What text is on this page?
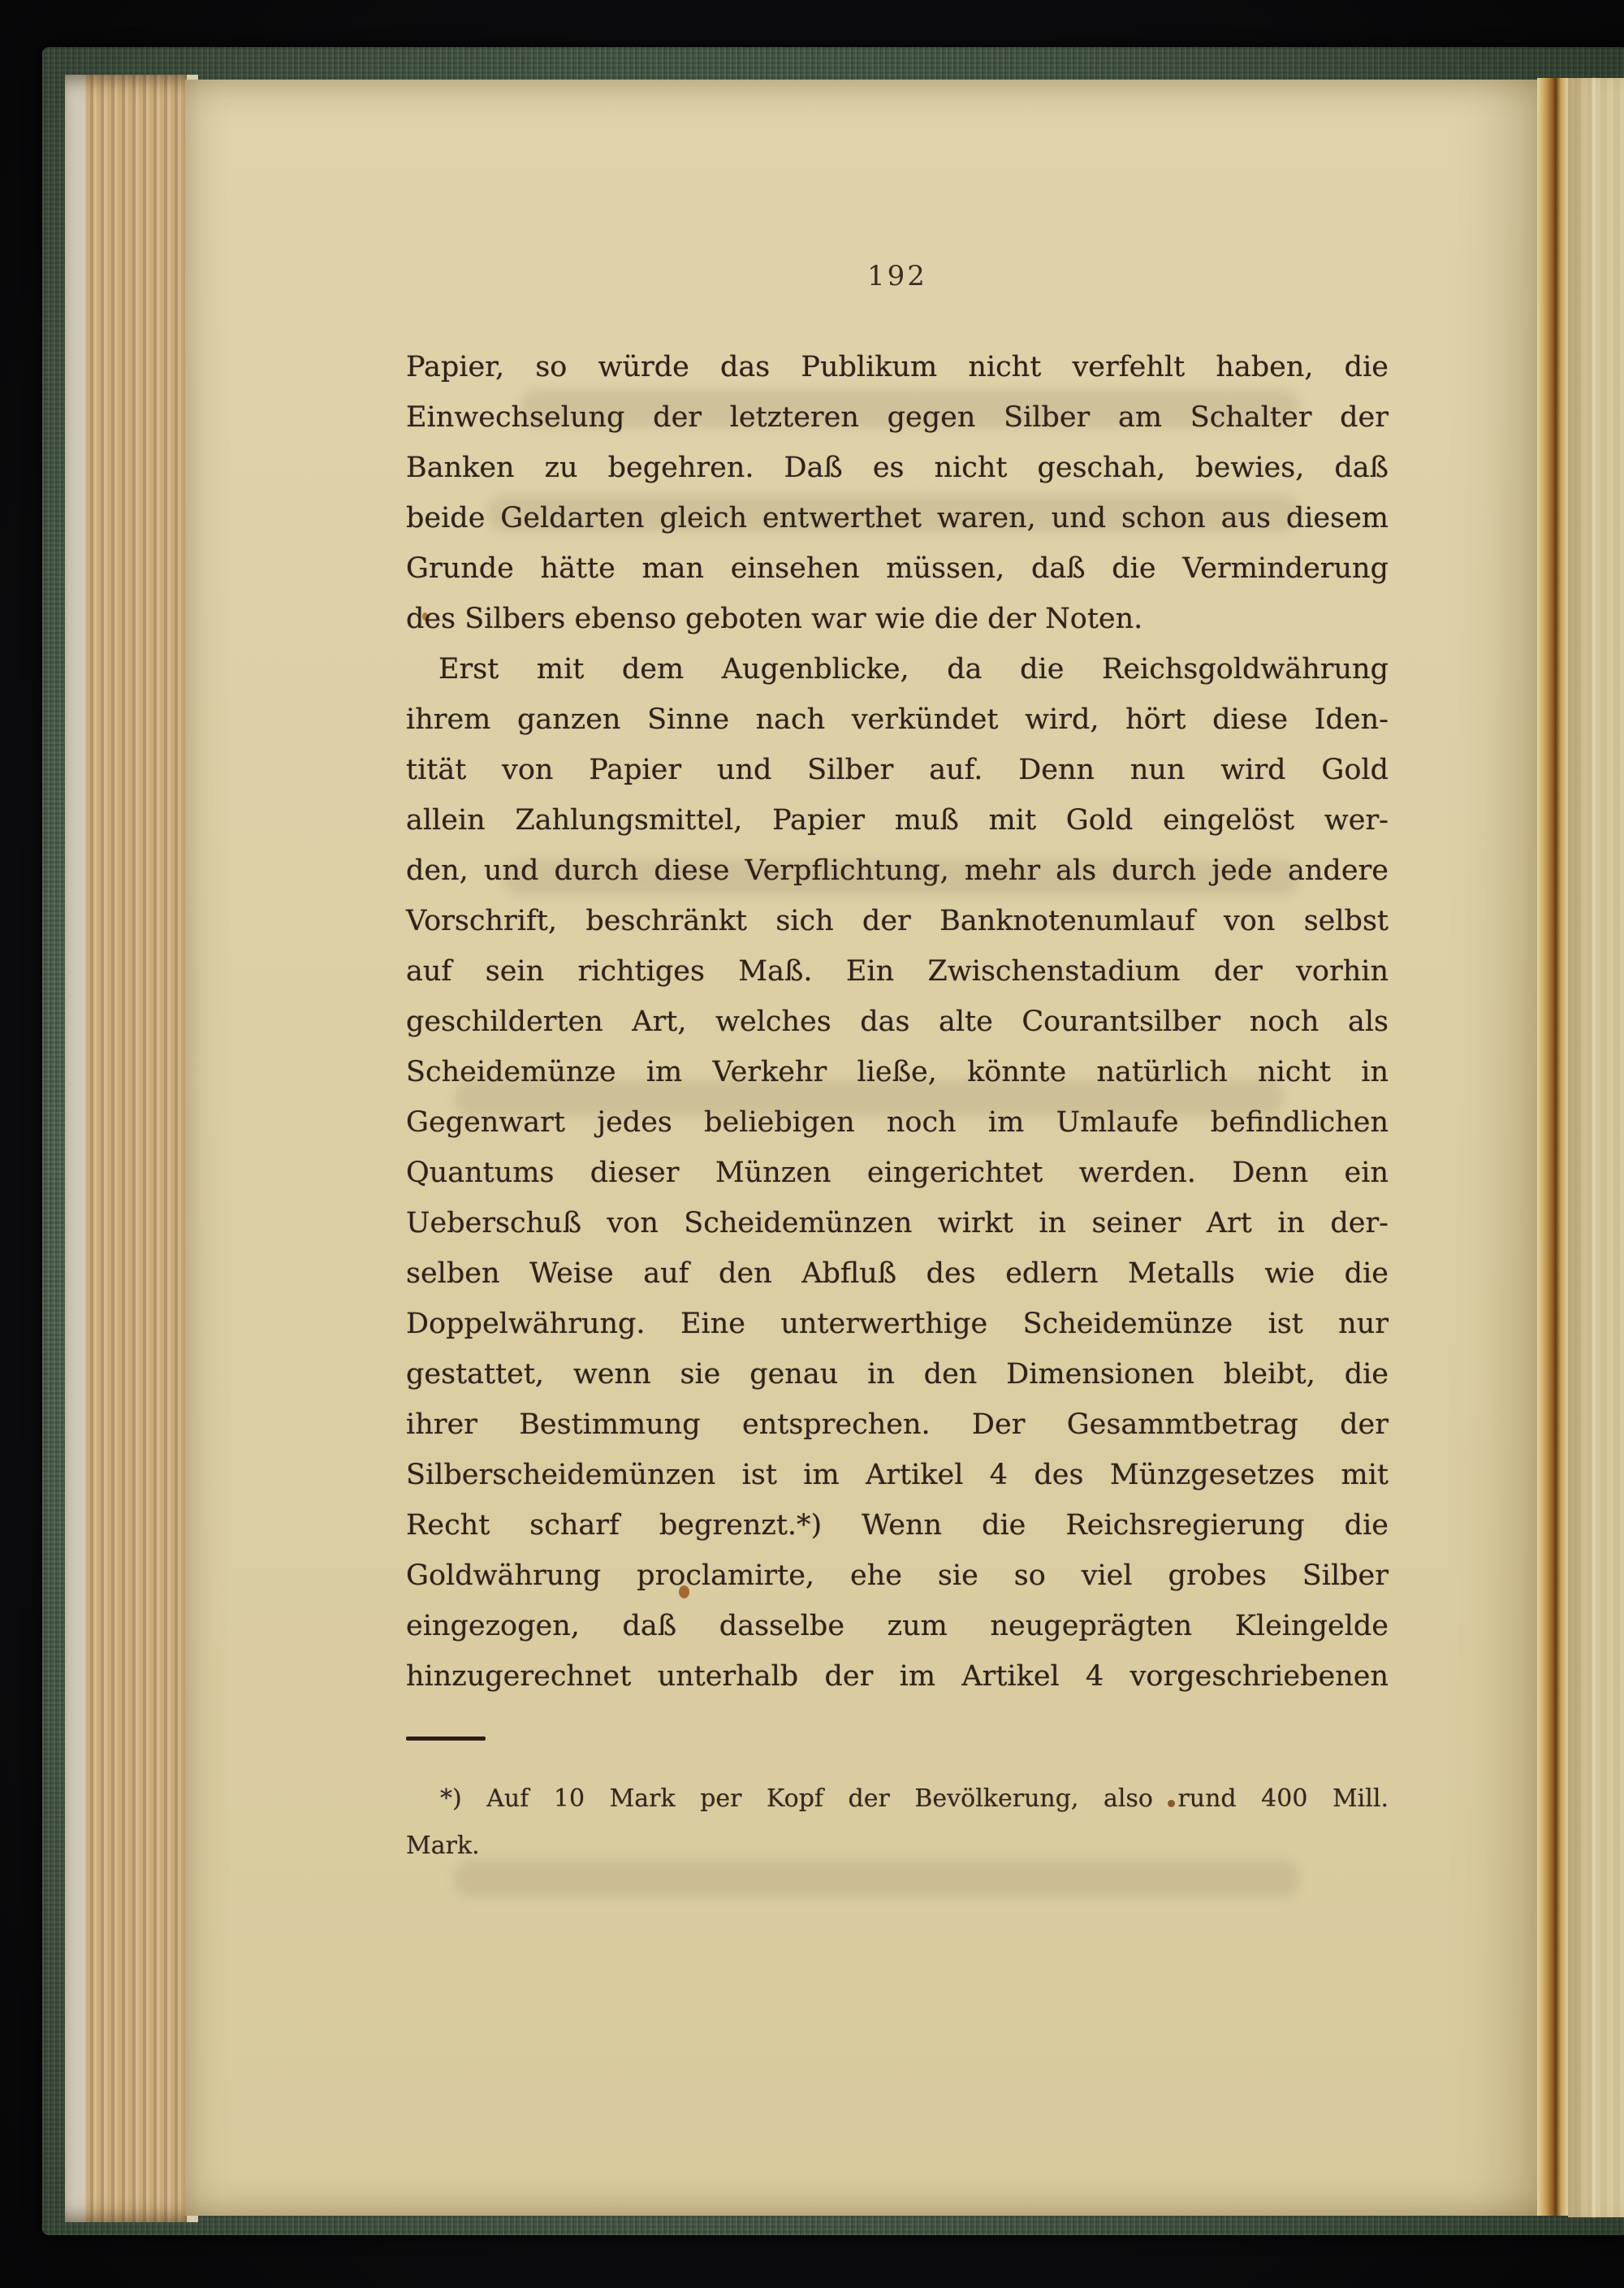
192
Papier, so würde das Publikum nicht verfehlt haben, die
Einwechselung der letzteren gegen Silber am Schalter der
Banken zu begehren. Daß es nicht geschah, bewies, daß
beide Geldarten gleich entwerthet waren, und schon aus diesem
Grunde hätte man einsehen müssen, daß die Verminderung
des Silbers ebenso geboten war wie die der Noten.
Erst mit dem Augenblicke, da die Reichsgoldwährung
ihrem ganzen Sinne nach verkündet wird, hört diese Iden-
tität von Papier und Silber auf. Denn nun wird Gold
allein Zahlungsmittel, Papier muß mit Gold eingelöst wer-
den, und durch diese Verpflichtung, mehr als durch jede andere
Vorschrift, beschränkt sich der Banknotenumlauf von selbst
auf sein richtiges Maß. Ein Zwischenstadium der vorhin
geschilderten Art, welches das alte Courantsilber noch als
Scheidemünze im Verkehr ließe, könnte natürlich nicht in
Gegenwart jedes beliebigen noch im Umlaufe befindlichen
Quantums dieser Münzen eingerichtet werden. Denn ein
Ueberschuß von Scheidemünzen wirkt in seiner Art in der-
selben Weise auf den Abfluß des edlern Metalls wie die
Doppelwährung. Eine unterwerthige Scheidemünze ist nur
gestattet, wenn sie genau in den Dimensionen bleibt, die
ihrer Bestimmung entsprechen. Der Gesammtbetrag der
Silberscheidemünzen ist im Artikel 4 des Münzgesetzes mit
Recht scharf begrenzt.*) Wenn die Reichsregierung die
Goldwährung proclamirte, ehe sie so viel grobes Silber
eingezogen, daß dasselbe zum neugeprägten Kleingelde
hinzugerechnet unterhalb der im Artikel 4 vorgeschriebenen
*) Auf 10 Mark per Kopf der Bevölkerung, also rund 400 Mill.
Mark.
